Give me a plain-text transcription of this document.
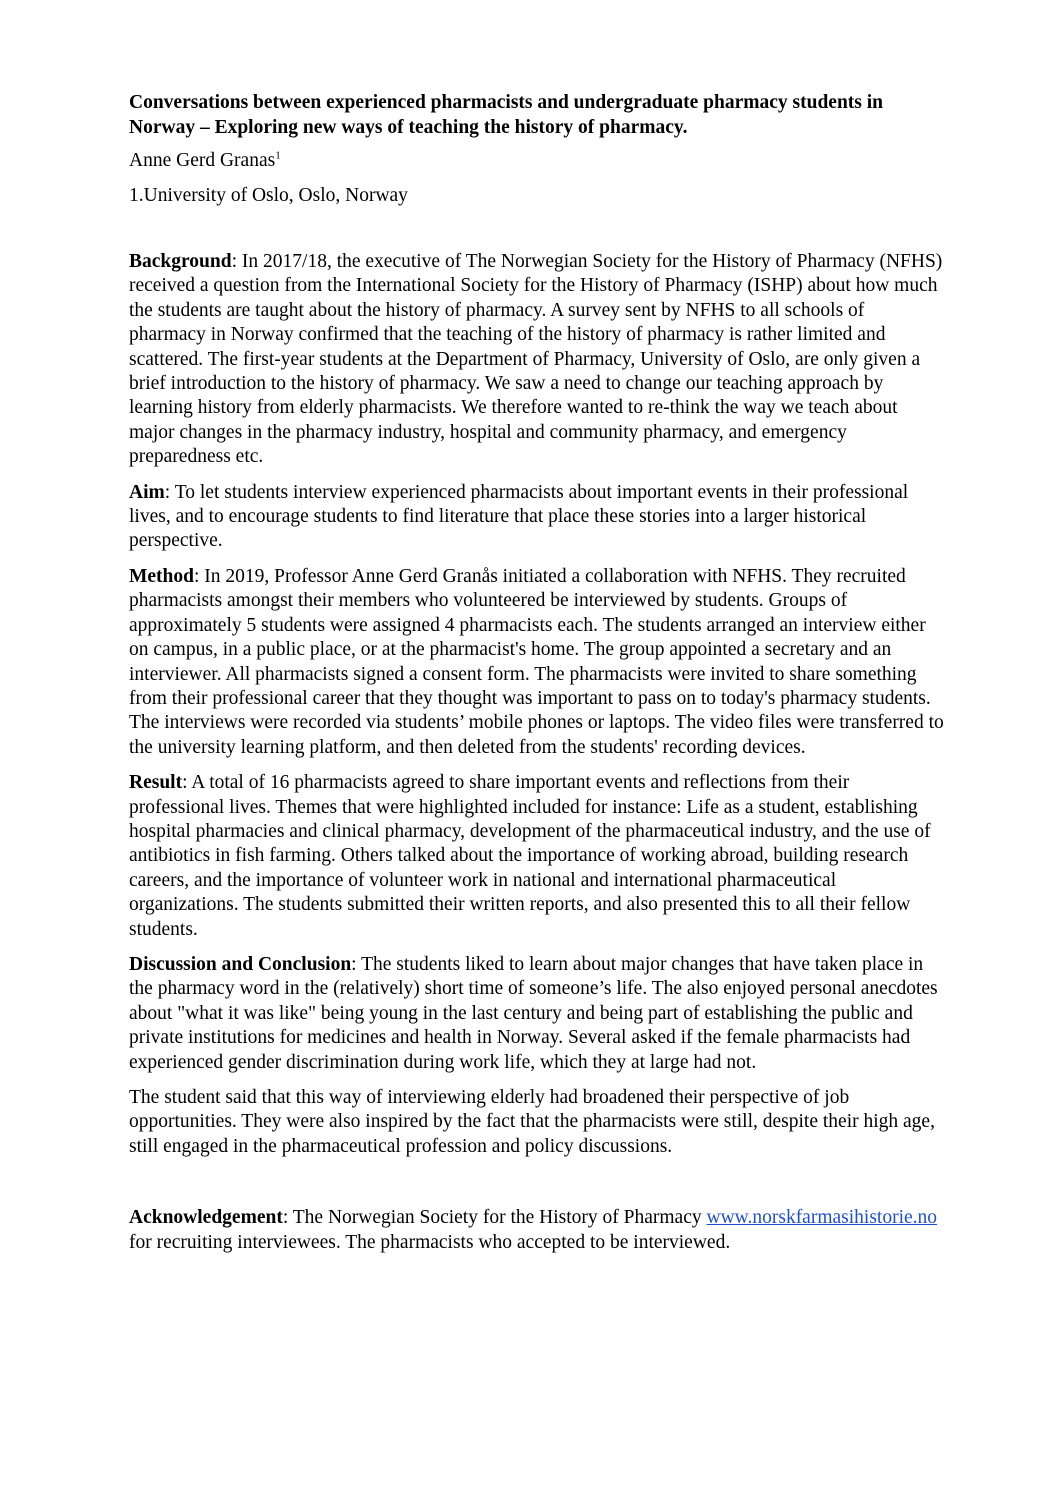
Conversations between experienced pharmacists and undergraduate pharmacy students in Norway – Exploring new ways of teaching the history of pharmacy.

Anne Gerd Granas$^1$

1.University of Oslo, Oslo, Norway

Background: In 2017/18, the executive of The Norwegian Society for the History of Pharmacy (NFHS) received a question from the International Society for the History of Pharmacy (ISHP) about how much the students are taught about the history of pharmacy. A survey sent by NFHS to all schools of pharmacy in Norway confirmed that the teaching of the history of pharmacy is rather limited and scattered. The first-year students at the Department of Pharmacy, University of Oslo, are only given a brief introduction to the history of pharmacy. We saw a need to change our teaching approach by learning history from elderly pharmacists. We therefore wanted to re-think the way we teach about major changes in the pharmacy industry, hospital and community pharmacy, and emergency preparedness etc.

Aim: To let students interview experienced pharmacists about important events in their professional lives, and to encourage students to find literature that place these stories into a larger historical perspective.

Method: In 2019, Professor Anne Gerd Granås initiated a collaboration with NFHS. They recruited pharmacists amongst their members who volunteered be interviewed by students. Groups of approximately 5 students were assigned 4 pharmacists each. The students arranged an interview either on campus, in a public place, or at the pharmacist's home. The group appointed a secretary and an interviewer. All pharmacists signed a consent form. The pharmacists were invited to share something from their professional career that they thought was important to pass on to today's pharmacy students. The interviews were recorded via students’ mobile phones or laptops. The video files were transferred to the university learning platform, and then deleted from the students' recording devices.

Result: A total of 16 pharmacists agreed to share important events and reflections from their professional lives. Themes that were highlighted included for instance: Life as a student, establishing hospital pharmacies and clinical pharmacy, development of the pharmaceutical industry, and the use of antibiotics in fish farming. Others talked about the importance of working abroad, building research careers, and the importance of volunteer work in national and international pharmaceutical organizations. The students submitted their written reports, and also presented this to all their fellow students.

Discussion and Conclusion: The students liked to learn about major changes that have taken place in the pharmacy word in the (relatively) short time of someone’s life. The also enjoyed personal anecdotes about "what it was like" being young in the last century and being part of establishing the public and private institutions for medicines and health in Norway. Several asked if the female pharmacists had experienced gender discrimination during work life, which they at large had not.

The student said that this way of interviewing elderly had broadened their perspective of job opportunities. They were also inspired by the fact that the pharmacists were still, despite their high age, still engaged in the pharmaceutical profession and policy discussions.

Acknowledgement: The Norwegian Society for the History of Pharmacy www.norskfarmasihistorie.no for recruiting interviewees. The pharmacists who accepted to be interviewed.
